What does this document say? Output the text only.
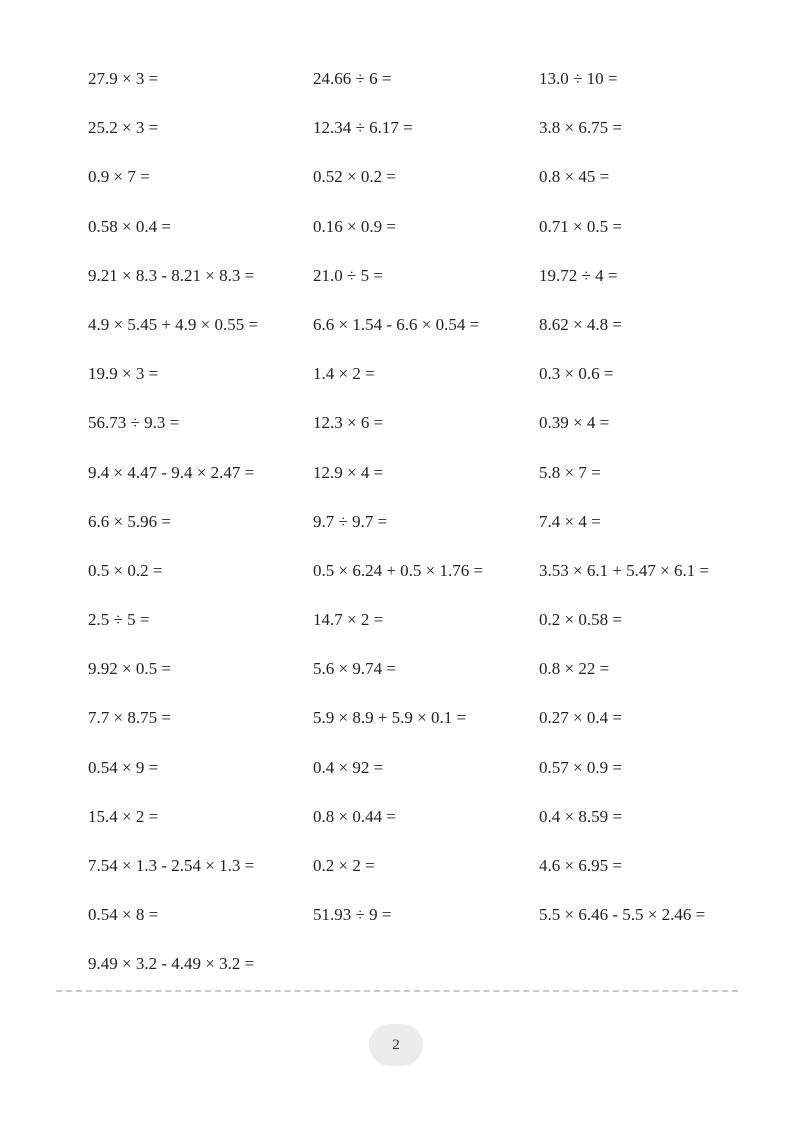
27.9 × 3 =	24.66 ÷ 6 =	13.0 ÷ 10 =
25.2 × 3 =	12.34 ÷ 6.17 =	3.8 × 6.75 =
0.9 × 7 =	0.52 × 0.2 =	0.8 × 45 =
0.58 × 0.4 =	0.16 × 0.9 =	0.71 × 0.5 =
9.21 × 8.3 - 8.21 × 8.3 =	21.0 ÷ 5 =	19.72 ÷ 4 =
4.9 × 5.45 + 4.9 × 0.55 =	6.6 × 1.54 - 6.6 × 0.54 =	8.62 × 4.8 =
19.9 × 3 =	1.4 × 2 =	0.3 × 0.6 =
56.73 ÷ 9.3 =	12.3 × 6 =	0.39 × 4 =
9.4 × 4.47 - 9.4 × 2.47 =	12.9 × 4 =	5.8 × 7 =
6.6 × 5.96 =	9.7 ÷ 9.7 =	7.4 × 4 =
0.5 × 0.2 =	0.5 × 6.24 + 0.5 × 1.76 =	3.53 × 6.1 + 5.47 × 6.1 =
2.5 ÷ 5 =	14.7 × 2 =	0.2 × 0.58 =
9.92 × 0.5 =	5.6 × 9.74 =	0.8 × 22 =
7.7 × 8.75 =	5.9 × 8.9 + 5.9 × 0.1 =	0.27 × 0.4 =
0.54 × 9 =	0.4 × 92 =	0.57 × 0.9 =
15.4 × 2 =	0.8 × 0.44 =	0.4 × 8.59 =
7.54 × 1.3 - 2.54 × 1.3 =	0.2 × 2 =	4.6 × 6.95 =
0.54 × 8 =	51.93 ÷ 9 =	5.5 × 6.46 - 5.5 × 2.46 =
9.49 × 3.2 - 4.49 × 3.2 =
2
